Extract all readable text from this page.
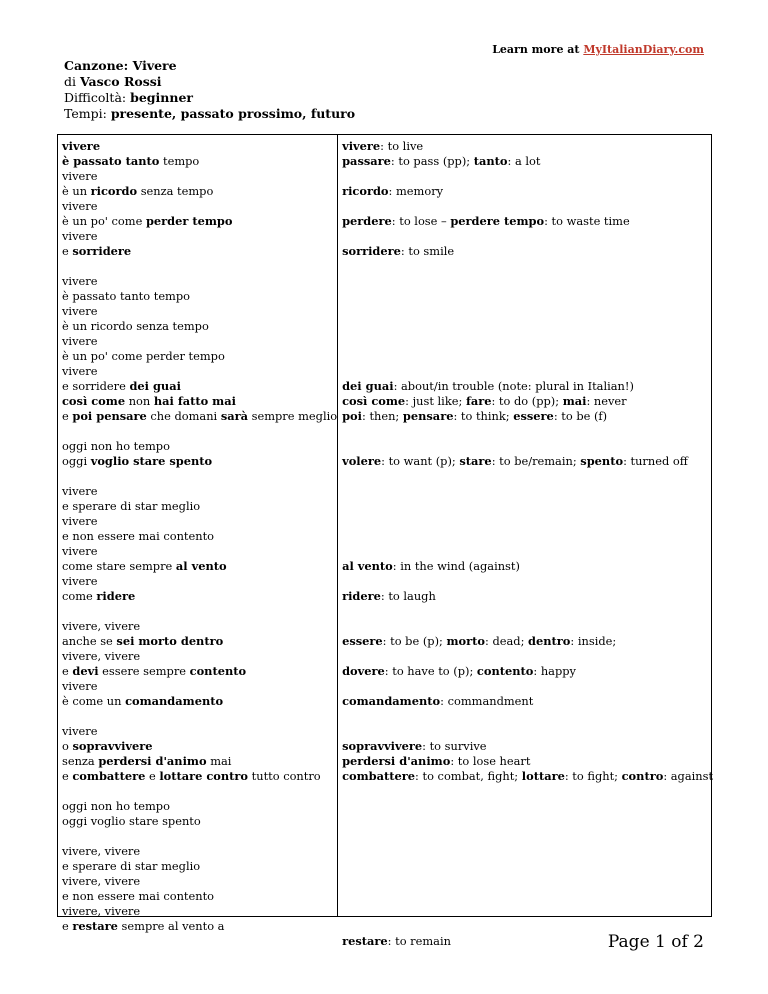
Learn more at MyItalianDiary.com
Canzone: Vivere
di Vasco Rossi
Difficoltà: beginner
Tempi: presente, passato prossimo, futuro
vivere
è passato tanto tempo
vivere
è un ricordo senza tempo
vivere
è un po' come perder tempo
vivere
e sorridere
vivere
è passato tanto tempo
vivere
è un ricordo senza tempo
vivere
è un po' come perder tempo
vivere
e sorridere dei guai
così come non hai fatto mai
e poi pensare che domani sarà sempre meglio
oggi non ho tempo
oggi voglio stare spento
vivere
e sperare di star meglio
vivere
e non essere mai contento
vivere
come stare sempre al vento
vivere
come ridere
vivere, vivere
anche se sei morto dentro
vivere, vivere
e devi essere sempre contento
vivere
è come un comandamento
vivere
o sopravvivere
senza perdersi d'animo mai
e combattere e lottare contro tutto contro
oggi non ho tempo
oggi voglio stare spento
vivere, vivere
e sperare di star meglio
vivere, vivere
e non essere mai contento
vivere, vivere
e restare sempre al vento a
vivere: to live
passare: to pass (pp); tanto: a lot
ricordo: memory
perdere: to lose – perdere tempo: to waste time
sorridere: to smile
dei guai: about/in trouble (note: plural in Italian!)
così come: just like; fare: to do (pp); mai: never
poi: then; pensare: to think; essere: to be (f)
volere: to want (p); stare: to be/remain; spento: turned off
al vento: in the wind (against)
ridere: to laugh
essere: to be (p); morto: dead; dentro: inside;
dovere: to have to (p); contento: happy
comandamento: commandment
sopravvivere: to survive
perdersi d'animo: to lose heart
combattere: to combat, fight; lottare: to fight; contro: against
restare: to remain	Page 1 of 2
